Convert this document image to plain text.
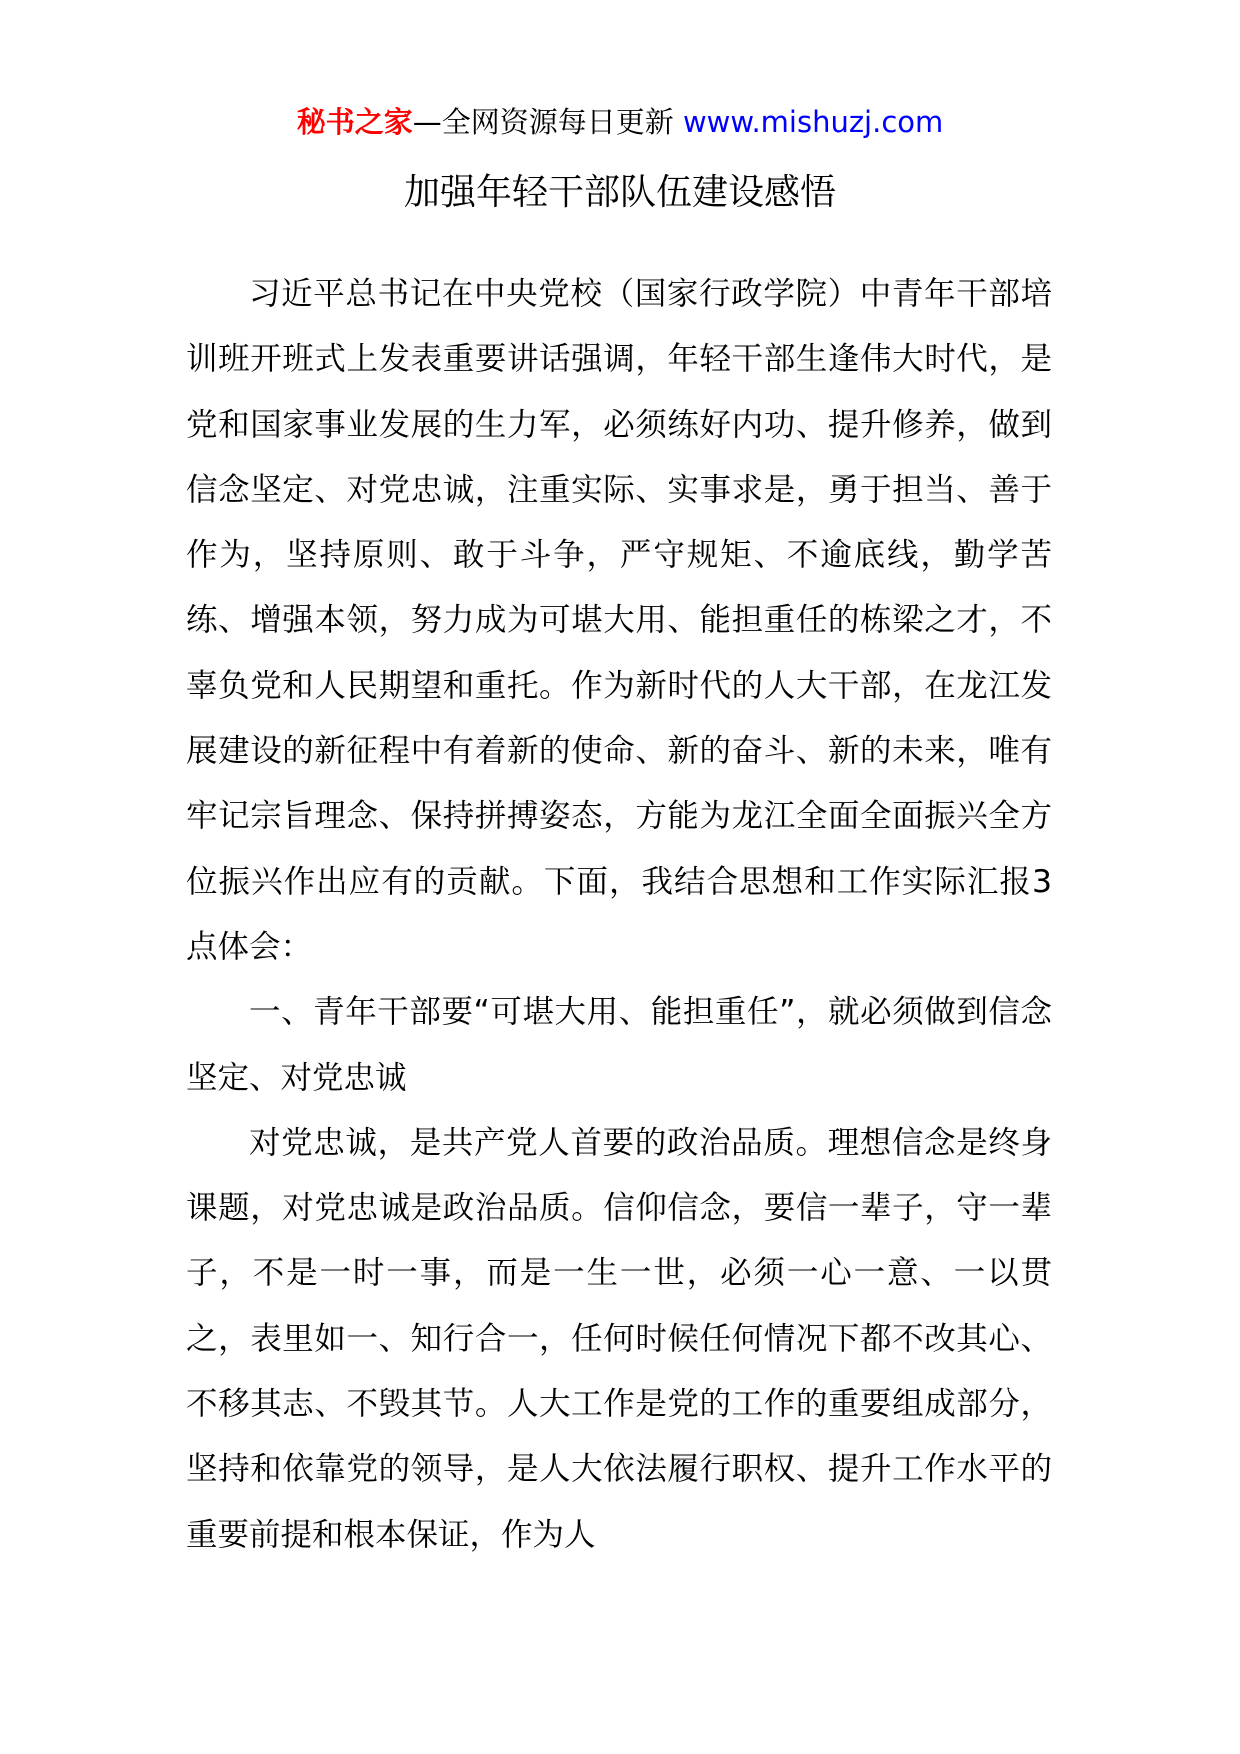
秘书之家—全网资源每日更新 www.mishuzj.com
加强年轻干部队伍建设感悟

习近平总书记在中央党校（国家行政学院）中青年干部培训班开班式上发表重要讲话强调，年轻干部生逢伟大时代，是党和国家事业发展的生力军，必须练好内功、提升修养，做到信念坚定、对党忠诚，注重实际、实事求是，勇于担当、善于作为，坚持原则、敢于斗争，严守规矩、不逾底线，勤学苦练、增强本领，努力成为可堪大用、能担重任的栋梁之才，不辜负党和人民期望和重托。作为新时代的人大干部，在龙江发展建设的新征程中有着新的使命、新的奋斗、新的未来，唯有牢记宗旨理念、保持拼搏姿态，方能为龙江全面全面振兴全方位振兴作出应有的贡献。下面，我结合思想和工作实际汇报3点体会：

一、青年干部要“可堪大用、能担重任”，就必须做到信念坚定、对党忠诚

对党忠诚，是共产党人首要的政治品质。理想信念是终身课题，对党忠诚是政治品质。信仰信念，要信一辈子，守一辈子，不是一时一事，而是一生一世，必须一心一意、一以贯之，表里如一、知行合一，任何时候任何情况下都不改其心、不移其志、不毁其节。人大工作是党的工作的重要组成部分，坚持和依靠党的领导，是人大依法履行职权、提升工作水平的重要前提和根本保证，作为人
